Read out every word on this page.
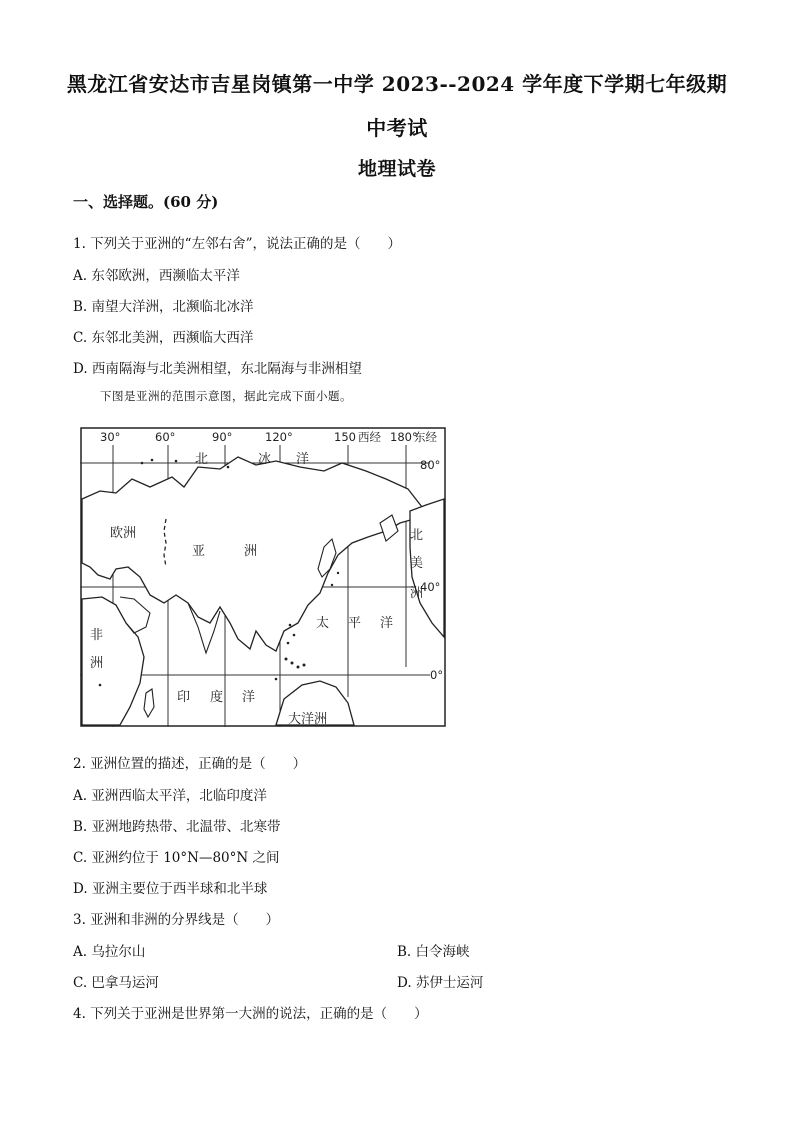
黑龙江省安达市吉星岗镇第一中学 2023--2024 学年度下学期七年级期
中考试
地理试卷
一、选择题。(60 分)
1. 下列关于亚洲的“左邻右舍”，说法正确的是（　　）
A. 东邻欧洲，西濒临太平洋
B. 南望大洋洲，北濒临北冰洋
C. 东邻北美洲，西濒临大西洋
D. 西南隔海与北美洲相望，东北隔海与非洲相望
下图是亚洲的范围示意图，据此完成下面小题。
30°	60°	90°	120°	150 西经 180°
东经
80°
40°
0°
北	冰 洋
欧洲
亚	洲
北
美
洲
太 平 洋
非
洲
印 度 洋
大洋洲
2. 亚洲位置的描述，正确的是（　　）
A. 亚洲西临太平洋，北临印度洋
B. 亚洲地跨热带、北温带、北寒带
C. 亚洲约位于 10°N—80°N 之间
D. 亚洲主要位于西半球和北半球
3. 亚洲和非洲的分界线是（　　）
A. 乌拉尔山	B. 白令海峡
C. 巴拿马运河	D. 苏伊士运河
4. 下列关于亚洲是世界第一大洲的说法，正确的是（　　）
